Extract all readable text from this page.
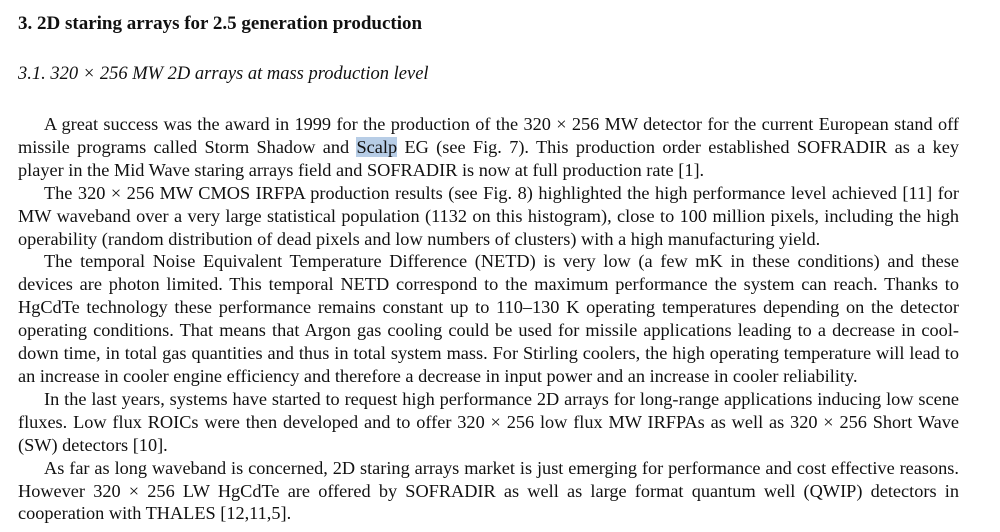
3. 2D staring arrays for 2.5 generation production
3.1. 320 × 256 MW 2D arrays at mass production level

A great success was the award in 1999 for the production of the 320 × 256 MW detector for the current European stand off missile programs called Storm Shadow and Scalp EG (see Fig. 7). This production order established SOFRADIR as a key player in the Mid Wave staring arrays field and SOFRADIR is now at full production rate [1].

The 320 × 256 MW CMOS IRFPA production results (see Fig. 8) highlighted the high performance level achieved [11] for MW waveband over a very large statistical population (1132 on this histogram), close to 100 million pixels, including the high operability (random distribution of dead pixels and low numbers of clusters) with a high manufacturing yield.

The temporal Noise Equivalent Temperature Difference (NETD) is very low (a few mK in these conditions) and these devices are photon limited. This temporal NETD correspond to the maximum performance the system can reach. Thanks to HgCdTe technology these performance remains constant up to 110–130 K operating temperatures depending on the detector operating conditions. That means that Argon gas cooling could be used for missile applications leading to a decrease in cool-down time, in total gas quantities and thus in total system mass. For Stirling coolers, the high operating temperature will lead to an increase in cooler engine efficiency and therefore a decrease in input power and an increase in cooler reliability.

In the last years, systems have started to request high performance 2D arrays for long-range applications inducing low scene fluxes. Low flux ROICs were then developed and to offer 320 × 256 low flux MW IRFPAs as well as 320 × 256 Short Wave (SW) detectors [10].

As far as long waveband is concerned, 2D staring arrays market is just emerging for performance and cost effective reasons. However 320 × 256 LW HgCdTe are offered by SOFRADIR as well as large format quantum well (QWIP) detectors in cooperation with THALES [12,11,5].
